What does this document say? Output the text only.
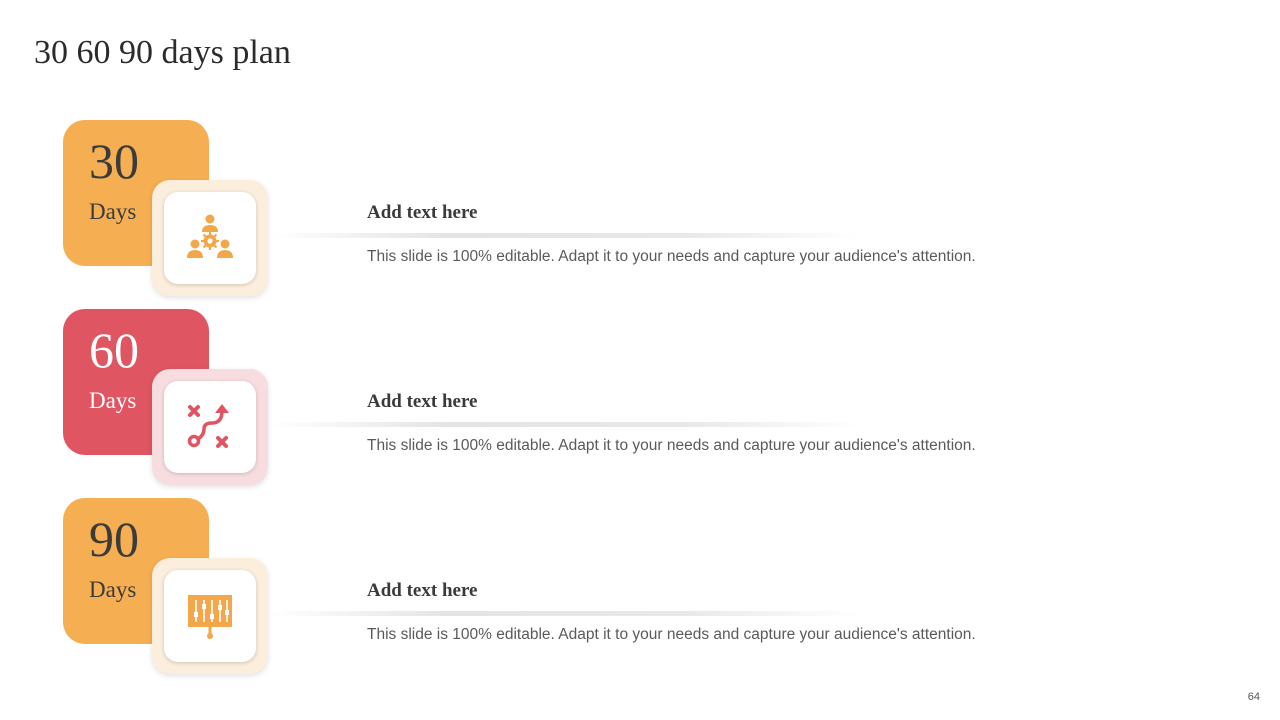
30 60 90 days plan
30
Days	Add text here
This slide is 100% editable. Adapt it to your needs and capture your audience's attention.
60
Days	Add text here
This slide is 100% editable. Adapt it to your needs and capture your audience's attention.
90
Days	Add text here
This slide is 100% editable. Adapt it to your needs and capture your audience's attention.
64
